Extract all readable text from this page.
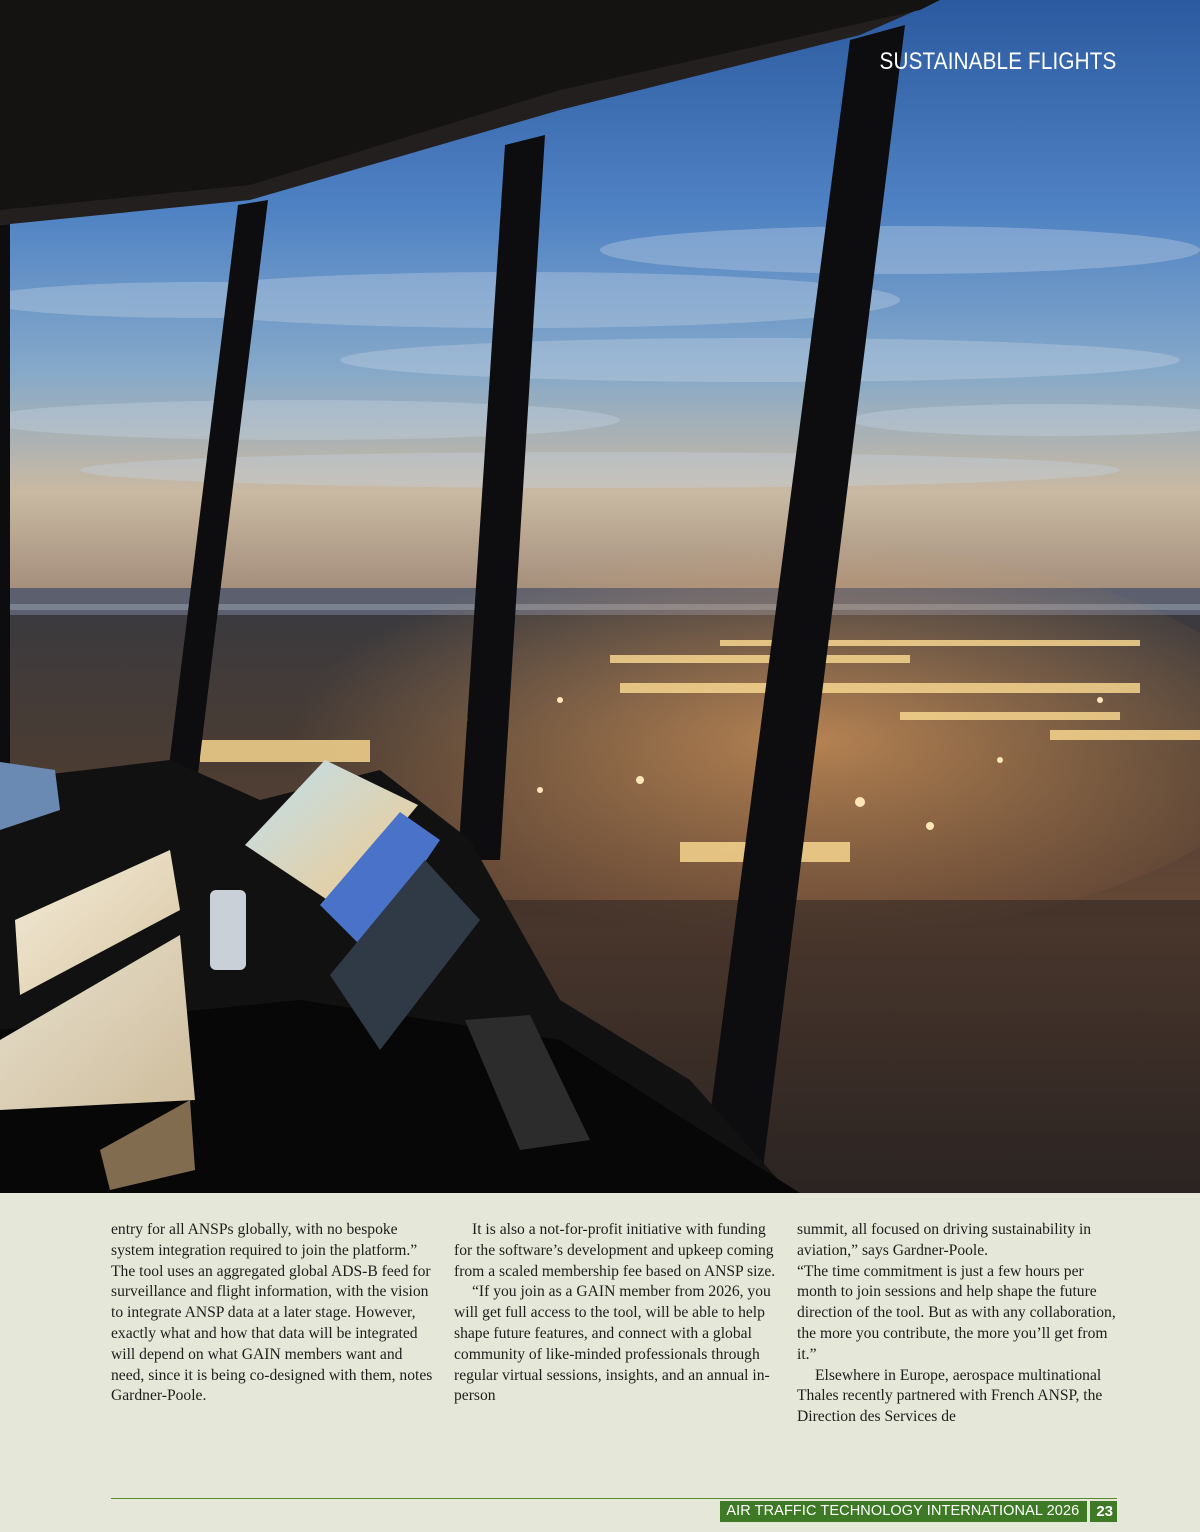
SUSTAINABLE FLIGHTS

entry for all ANSPs globally, with no bespoke system integration required to join the platform.” The tool uses an aggregated global ADS-B feed for surveillance and flight information, with the vision to integrate ANSP data at a later stage. However, exactly what and how that data will be integrated will depend on what GAIN members want and need, since it is being co-designed with them, notes Gardner-Poole.

It is also a not-for-profit initiative with funding for the software’s development and upkeep coming from a scaled membership fee based on ANSP size.

“If you join as a GAIN member from 2026, you will get full access to the tool, will be able to help shape future features, and connect with a global community of like-minded professionals through regular virtual sessions, insights, and an annual in-person

summit, all focused on driving sustainability in aviation,” says Gardner-Poole.

“The time commitment is just a few hours per month to join sessions and help shape the future direction of the tool. But as with any collaboration, the more you contribute, the more you’ll get from it.”

Elsewhere in Europe, aerospace multinational Thales recently partnered with French ANSP, the Direction des Services de

AIR TRAFFIC TECHNOLOGY INTERNATIONAL 2026	23
